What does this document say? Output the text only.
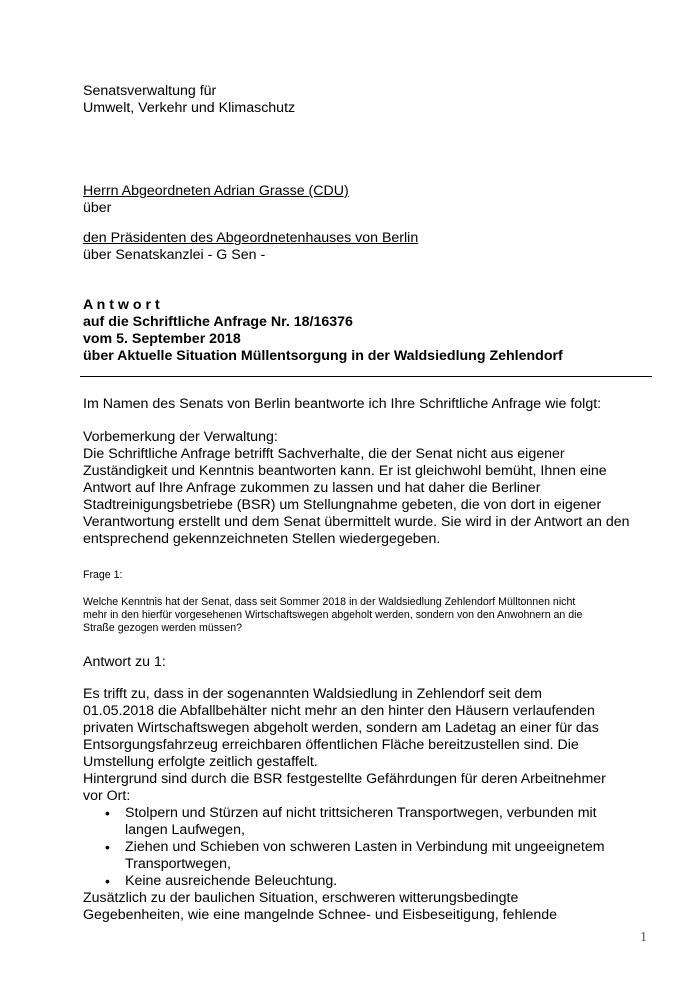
Senatsverwaltung für
Umwelt, Verkehr und Klimaschutz
Herrn Abgeordneten Adrian Grasse (CDU)
über
den Präsidenten des Abgeordnetenhauses von Berlin
über Senatskanzlei - G Sen -
A n t w o r t
auf die Schriftliche Anfrage Nr. 18/16376
vom 5. September 2018
über Aktuelle Situation Müllentsorgung in der Waldsiedlung Zehlendorf
Im Namen des Senats von Berlin beantworte ich Ihre Schriftliche Anfrage wie folgt:
Vorbemerkung der Verwaltung:
Die Schriftliche Anfrage betrifft Sachverhalte, die der Senat nicht aus eigener
Zuständigkeit und Kenntnis beantworten kann. Er ist gleichwohl bemüht, Ihnen eine
Antwort auf Ihre Anfrage zukommen zu lassen und hat daher die Berliner
Stadtreinigungsbetriebe (BSR) um Stellungnahme gebeten, die von dort in eigener
Verantwortung erstellt und dem Senat übermittelt wurde. Sie wird in der Antwort an den
entsprechend gekennzeichneten Stellen wiedergegeben.
Frage 1:
Welche Kenntnis hat der Senat, dass seit Sommer 2018 in der Waldsiedlung Zehlendorf Mülltonnen nicht
mehr in den hierfür vorgesehenen Wirtschaftswegen abgeholt werden, sondern von den Anwohnern an die
Straße gezogen werden müssen?
Antwort zu 1:
Es trifft zu, dass in der sogenannten Waldsiedlung in Zehlendorf seit dem
01.05.2018 die Abfallbehälter nicht mehr an den hinter den Häusern verlaufenden
privaten Wirtschaftswegen abgeholt werden, sondern am Ladetag an einer für das
Entsorgungsfahrzeug erreichbaren öffentlichen Fläche bereitzustellen sind. Die
Umstellung erfolgte zeitlich gestaffelt.
Hintergrund sind durch die BSR festgestellte Gefährdungen für deren Arbeitnehmer
vor Ort:
• Stolpern und Stürzen auf nicht trittsicheren Transportwegen, verbunden mit
langen Laufwegen,
• Ziehen und Schieben von schweren Lasten in Verbindung mit ungeeignetem
Transportwegen,
• Keine ausreichende Beleuchtung.
Zusätzlich zu der baulichen Situation, erschweren witterungsbedingte
Gegebenheiten, wie eine mangelnde Schnee- und Eisbeseitigung, fehlende
1
